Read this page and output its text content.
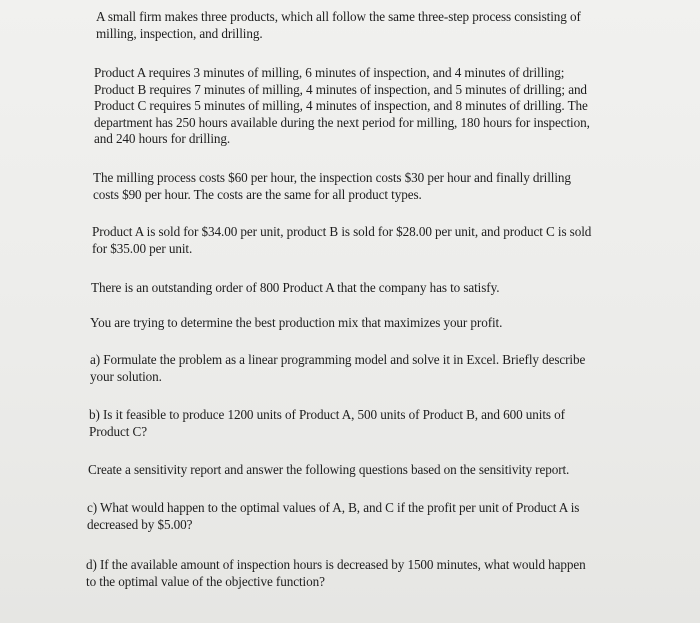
A small firm makes three products, which all follow the same three-step process consisting of
milling, inspection, and drilling.

Product A requires 3 minutes of milling, 6 minutes of inspection, and 4 minutes of drilling;
Product B requires 7 minutes of milling, 4 minutes of inspection, and 5 minutes of drilling; and
Product C requires 5 minutes of milling, 4 minutes of inspection, and 8 minutes of drilling. The
department has 250 hours available during the next period for milling, 180 hours for inspection,
and 240 hours for drilling.

The milling process costs $60 per hour, the inspection costs $30 per hour and finally drilling
costs $90 per hour. The costs are the same for all product types.

Product A is sold for $34.00 per unit, product B is sold for $28.00 per unit, and product C is sold
for $35.00 per unit.

There is an outstanding order of 800 Product A that the company has to satisfy.

You are trying to determine the best production mix that maximizes your profit.

a) Formulate the problem as a linear programming model and solve it in Excel. Briefly describe
your solution.

b) Is it feasible to produce 1200 units of Product A, 500 units of Product B, and 600 units of
Product C?

Create a sensitivity report and answer the following questions based on the sensitivity report.

c) What would happen to the optimal values of A, B, and C if the profit per unit of Product A is
decreased by $5.00?

d) If the available amount of inspection hours is decreased by 1500 minutes, what would happen
to the optimal value of the objective function?
